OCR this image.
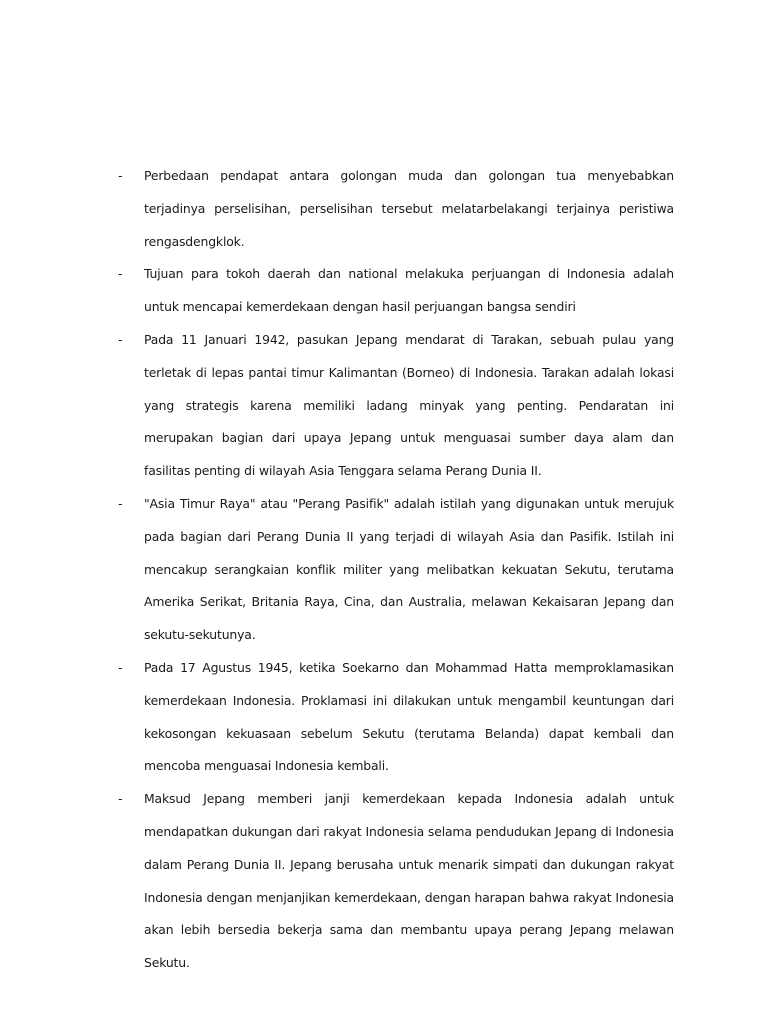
-	Perbedaan pendapat antara golongan muda dan golongan tua menyebabkan terjadinya perselisihan, perselisihan tersebut melatarbelakangi terjainya peristiwa rengasdengklok.
-	Tujuan para tokoh daerah dan national melakuka perjuangan di Indonesia adalah untuk mencapai kemerdekaan dengan hasil perjuangan bangsa sendiri
-	Pada 11 Januari 1942, pasukan Jepang mendarat di Tarakan, sebuah pulau yang terletak di lepas pantai timur Kalimantan (Borneo) di Indonesia. Tarakan adalah lokasi yang strategis karena memiliki ladang minyak yang penting. Pendaratan ini merupakan bagian dari upaya Jepang untuk menguasai sumber daya alam dan fasilitas penting di wilayah Asia Tenggara selama Perang Dunia II.
-	"Asia Timur Raya" atau "Perang Pasifik" adalah istilah yang digunakan untuk merujuk pada bagian dari Perang Dunia II yang terjadi di wilayah Asia dan Pasifik. Istilah ini mencakup serangkaian konflik militer yang melibatkan kekuatan Sekutu, terutama Amerika Serikat, Britania Raya, Cina, dan Australia, melawan Kekaisaran Jepang dan sekutu-sekutunya.
-	Pada 17 Agustus 1945, ketika Soekarno dan Mohammad Hatta memproklamasikan kemerdekaan Indonesia. Proklamasi ini dilakukan untuk mengambil keuntungan dari kekosongan kekuasaan sebelum Sekutu (terutama Belanda) dapat kembali dan mencoba menguasai Indonesia kembali.
-	Maksud Jepang memberi janji kemerdekaan kepada Indonesia adalah untuk mendapatkan dukungan dari rakyat Indonesia selama pendudukan Jepang di Indonesia dalam Perang Dunia II. Jepang berusaha untuk menarik simpati dan dukungan rakyat Indonesia dengan menjanjikan kemerdekaan, dengan harapan bahwa rakyat Indonesia akan lebih bersedia bekerja sama dan membantu upaya perang Jepang melawan Sekutu.
